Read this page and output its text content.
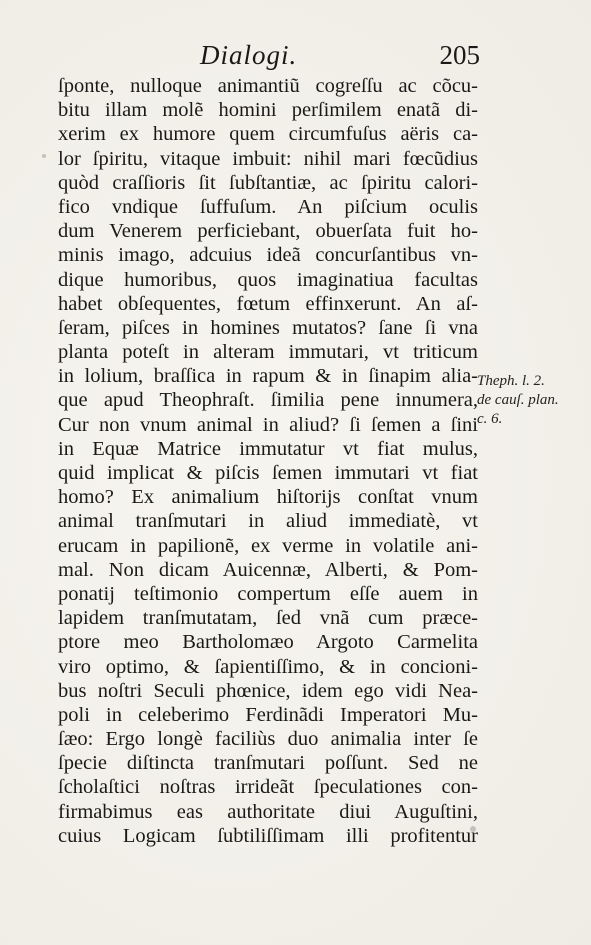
Dialogi.	205
ſponte, nulloque animantiũ cogreſſu ac cõcu-
bitu illam molẽ homini perſimilem enatã di-
xerim ex humore quem circumfuſus aëris ca-
lor ſpiritu, vitaque imbuit: nihil mari fœcũdius
quòd craſſioris ſit ſubſtantiæ, ac ſpiritu calori-
fico vndique ſuffuſum. An piſcium oculis
dum Venerem perficiebant, obuerſata fuit ho-
minis imago, adcuius ideã concurſantibus vn-
dique humoribus, quos imaginatiua facultas
habet obſequentes, fœtum effinxerunt. An aſ-
ſeram, piſces in homines mutatos? ſane ſi vna
planta poteſt in alteram immutari, vt triticum
in lolium, braſſica in rapum & in ſinapim alia-
que apud Theophraſt. ſimilia pene innumera,
Cur non vnum animal in aliud? ſi ſemen a ſini
in Equæ Matrice immutatur vt fiat mulus,
quid implicat & piſcis ſemen immutari vt fiat
homo? Ex animalium hiſtorijs conſtat vnum
animal tranſmutari in aliud immediatè, vt
erucam in papilionẽ, ex verme in volatile ani-
mal. Non dicam Auicennæ, Alberti, & Pom-
ponatij teſtimonio compertum eſſe auem in
lapidem tranſmutatam, ſed vnã cum præce-
ptore meo Bartholomæo Argoto Carmelita
viro optimo, & ſapientiſſimo, & in concioni-
bus noſtri Seculi phœnice, idem ego vidi Nea-
poli in celeberimo Ferdinãdi Imperatori Mu-
ſæo: Ergo longè faciliùs duo animalia inter ſe
ſpecie diſtincta tranſmutari poſſunt. Sed ne
ſcholaſtici noſtras irrideãt ſpeculationes con-
firmabimus eas authoritate diui Auguſtini,
cuius Logicam ſubtiliſſimam illi profitentur
Theph. l. 2.
de cauſ. plan.
c. 6.
